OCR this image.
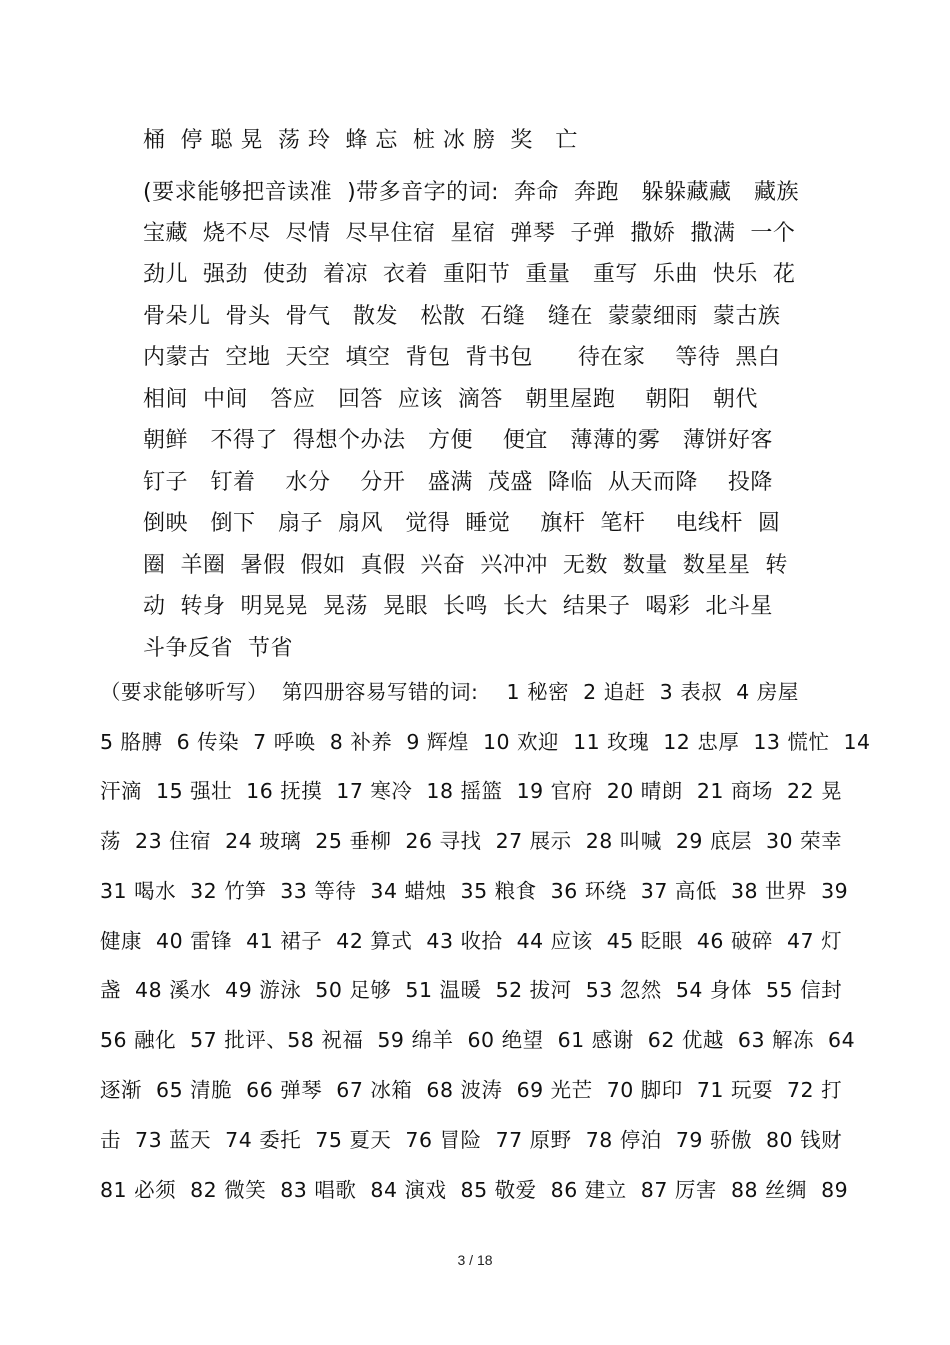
桶  停 聪 晃  荡 玲  蜂 忘  桩 冰 膀  奖   亡
(要求能够把音读准  )带多音字的词:  奔命  奔跑   躲躲藏藏   藏族
宝藏  烧不尽  尽情  尽早住宿  星宿  弹琴  子弹  撒娇  撒满  一个
劲儿  强劲  使劲  着凉  衣着  重阳节  重量   重写  乐曲  快乐  花
骨朵儿  骨头  骨气   散发   松散  石缝   缝在  蒙蒙细雨  蒙古族
内蒙古  空地  天空  填空  背包  背书包      待在家    等待  黑白
相间  中间   答应   回答  应该  滴答   朝里屋跑    朝阳   朝代
朝鲜   不得了  得想个办法   方便    便宜   薄薄的雾   薄饼好客
钉子   钉着    水分    分开   盛满  茂盛  降临  从天而降    投降
倒映   倒下   扇子  扇风   觉得  睡觉    旗杆  笔杆    电线杆  圆
圈  羊圈  暑假  假如  真假  兴奋  兴冲冲  无数  数量  数星星  转
动  转身  明晃晃  晃荡  晃眼  长鸣  长大  结果子  喝彩  北斗星
斗争反省  节省
（要求能够听写）  第四册容易写错的词:    1 秘密  2 追赶  3 表叔  4 房屋
5 胳膊  6 传染  7 呼唤  8 补养  9 辉煌  10 欢迎  11 玫瑰  12 忠厚  13 慌忙  14
汗滴  15 强壮  16 抚摸  17 寒冷  18 摇篮  19 官府  20 晴朗  21 商场  22 晃
荡  23 住宿  24 玻璃  25 垂柳  26 寻找  27 展示  28 叫喊  29 底层  30 荣幸
31 喝水  32 竹笋  33 等待  34 蜡烛  35 粮食  36 环绕  37 高低  38 世界  39
健康  40 雷锋  41 裙子  42 算式  43 收拾  44 应该  45 眨眼  46 破碎  47 灯
盏  48 溪水  49 游泳  50 足够  51 温暖  52 拔河  53 忽然  54 身体  55 信封
56 融化  57 批评、58 祝福  59 绵羊  60 绝望  61 感谢  62 优越  63 解冻  64
逐渐  65 清脆  66 弹琴  67 冰箱  68 波涛  69 光芒  70 脚印  71 玩耍  72 打
击  73 蓝天  74 委托  75 夏天  76 冒险  77 原野  78 停泊  79 骄傲  80 钱财
81 必须  82 微笑  83 唱歌  84 演戏  85 敬爱  86 建立  87 厉害  88 丝绸  89
3 / 18
